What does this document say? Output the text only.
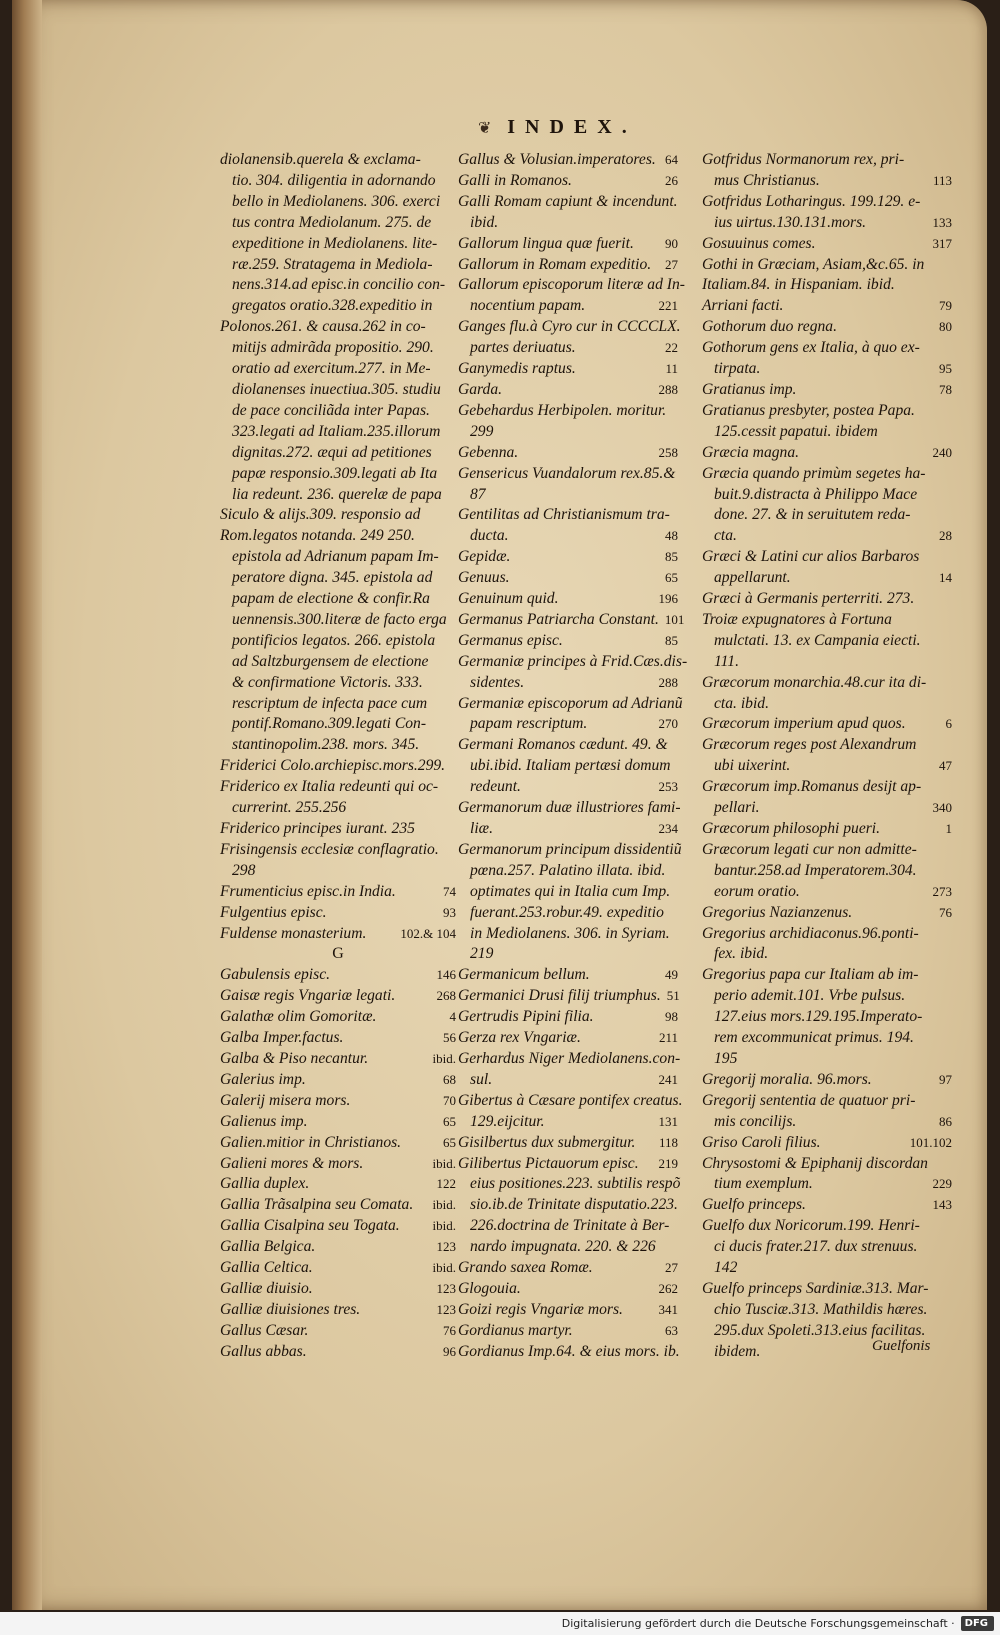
❦ INDEX.
diolanensib.querela & exclama-
tio. 304. diligentia in adornando
bello in Mediolanens. 306. exerci
tus contra Mediolanum. 275. de
expeditione in Mediolanens. lite-
ræ.259. Stratagema in Mediola-
nens.314.ad episc.in concilio con-
gregatos oratio.328.expeditio in
Polonos.261. & causa.262 in co-
mitijs admirãda propositio. 290.
oratio ad exercitum.277. in Me-
diolanenses inuectiua.305. studiu
de pace conciliãda inter Papas.
323.legati ad Italiam.235.illorum
dignitas.272. æqui ad petitiones
papæ responsio.309.legati ab Ita
lia redeunt. 236. querelæ de papa
Siculo & alijs.309. responsio ad
Rom.legatos notanda. 249 250.
epistola ad Adrianum papam Im-
peratore digna. 345. epistola ad
papam de electione & confir.Ra
uennensis.300.literæ de facto erga
pontificios legatos. 266. epistola
ad Saltzburgensem de electione
& confirmatione Victoris. 333.
rescriptum de infecta pace cum
pontif.Romano.309.legati Con-
stantinopolim.238. mors. 345.
Friderici Colo.archiepisc.mors.299.
Friderico ex Italia redeunti qui oc-
currerint. 255.256
Friderico principes iurant. 235
Frisingensis ecclesiæ conflagratio.
298
Frumenticius episc.in India.	74
Fulgentius episc.	93
Fuldense monasterium.	102.& 104
G
Gabulensis episc.	146
Gaisæ regis Vngariæ legati.	268
Galathæ olim Gomoritæ.	4
Galba Imper.factus.	56
Galba & Piso necantur.	ibid.
Galerius imp.	68
Galerij misera mors.	70
Galienus imp.	65
Galien.mitior in Christianos.	65
Galieni mores & mors.	ibid.
Gallia duplex.	122
Gallia Trãsalpina seu Comata. ibid.
Gallia Cisalpina seu Togata.	ibid.
Gallia Belgica.	123
Gallia Celtica.	ibid.
Galliæ diuisio.	123
Galliæ diuisiones tres.	123
Gallus Cæsar.	76
Gallus abbas.	96
Gallus & Volusian.imperatores. 64
Galli in Romanos.	26
Galli Romam capiunt & incendunt.
ibid.
Gallorum lingua quæ fuerit. 90
Gallorum in Romam expeditio. 27
Gallorum episcoporum literæ ad In-
nocentium papam.	221
Ganges flu.à Cyro cur in CCCCLX.
partes deriuatus.	22
Ganymedis raptus.	11
Garda.	288
Gebehardus Herbipolen. moritur.
299
Gebenna.	258
Gensericus Vuandalorum rex.85.&
87
Gentilitas ad Christianismum tra-
ducta.	48
Gepidæ.	85
Genuus.	65
Genuinum quid.	196
Germanus Patriarcha Constant. 101
Germanus episc.	85
Germaniæ principes à Frid.Cæs.dis-
sidentes.	288
Germaniæ episcoporum ad Adrianũ
papam rescriptum.	270
Germani Romanos cædunt. 49. &
ubi.ibid. Italiam pertæsi domum
redeunt.	253
Germanorum duæ illustriores fami-
liæ.	234
Germanorum principum dissidentiũ
pœna.257. Palatino illata. ibid.
optimates qui in Italia cum Imp.
fuerant.253.robur.49. expeditio
in Mediolanens. 306. in Syriam.
219
Germanicum bellum.	49
Germanici Drusi filij triumphus. 51
Gertrudis Pipini filia.	98
Gerza rex Vngariæ.	211
Gerhardus Niger Mediolanens.con-
sul.	241
Gibertus à Cæsare pontifex creatus.
129.eijcitur.	131
Gisilbertus dux submergitur. 118
Gilibertus Pictauorum episc. 219
eius positiones.223. subtilis respõ
sio.ib.de Trinitate disputatio.223.
226.doctrina de Trinitate à Ber-
nardo impugnata. 220. & 226
Grando saxea Romæ.	27
Glogouia.	262
Goizi regis Vngariæ mors.	341
Gordianus martyr.	63
Gordianus Imp.64. & eius mors. ib.
Gotfridus Normanorum rex, pri-
mus Christianus.	113
Gotfridus Lotharingus. 199.129. e-
ius uirtus.130.131.mors.	133
Gosuuinus comes.	317
Gothi in Græciam, Asiam,&c.65. in
Italiam.84. in Hispaniam. ibid.
Arriani facti.	79
Gothorum duo regna.	80
Gothorum gens ex Italia, à quo ex-
tirpata.	95
Gratianus imp.	78
Gratianus presbyter, postea Papa.
125.cessit papatui. ibidem
Græcia magna.	240
Græcia quando primùm segetes ha-
buit.9.distracta à Philippo Mace
done. 27. & in seruitutem reda-
cta.	28
Græci & Latini cur alios Barbaros
appellarunt.	14
Græci à Germanis perterriti. 273.
Troiæ expugnatores à Fortuna
mulctati. 13. ex Campania eiecti.
111.
Græcorum monarchia.48.cur ita di-
cta. ibid.
Græcorum imperium apud quos.	6
Græcorum reges post Alexandrum
ubi uixerint.	47
Græcorum imp.Romanus desijt ap-
pellari.	340
Græcorum philosophi pueri.	1
Græcorum legati cur non admitte-
bantur.258.ad Imperatorem.304.
eorum oratio.	273
Gregorius Nazianzenus.	76
Gregorius archidiaconus.96.ponti-
fex. ibid.
Gregorius papa cur Italiam ab im-
perio ademit.101. Vrbe pulsus.
127.eius mors.129.195.Imperato-
rem excommunicat primus. 194.
195
Gregorij moralia. 96.mors.	97
Gregorij sententia de quatuor pri-
mis concilijs.	86
Griso Caroli filius.	101.102
Chrysostomi & Epiphanij discordan
tium exemplum.	229
Guelfo princeps.	143
Guelfo dux Noricorum.199. Henri-
ci ducis frater.217. dux strenuus.
142
Guelfo princeps Sardiniæ.313. Mar-
chio Tusciæ.313. Mathildis hæres.
295.dux Spoleti.313.eius facilitas.
ibidem.	Guelfonis
Digitalisierung gefördert durch die Deutsche Forschungsgemeinschaft ·	DFG
